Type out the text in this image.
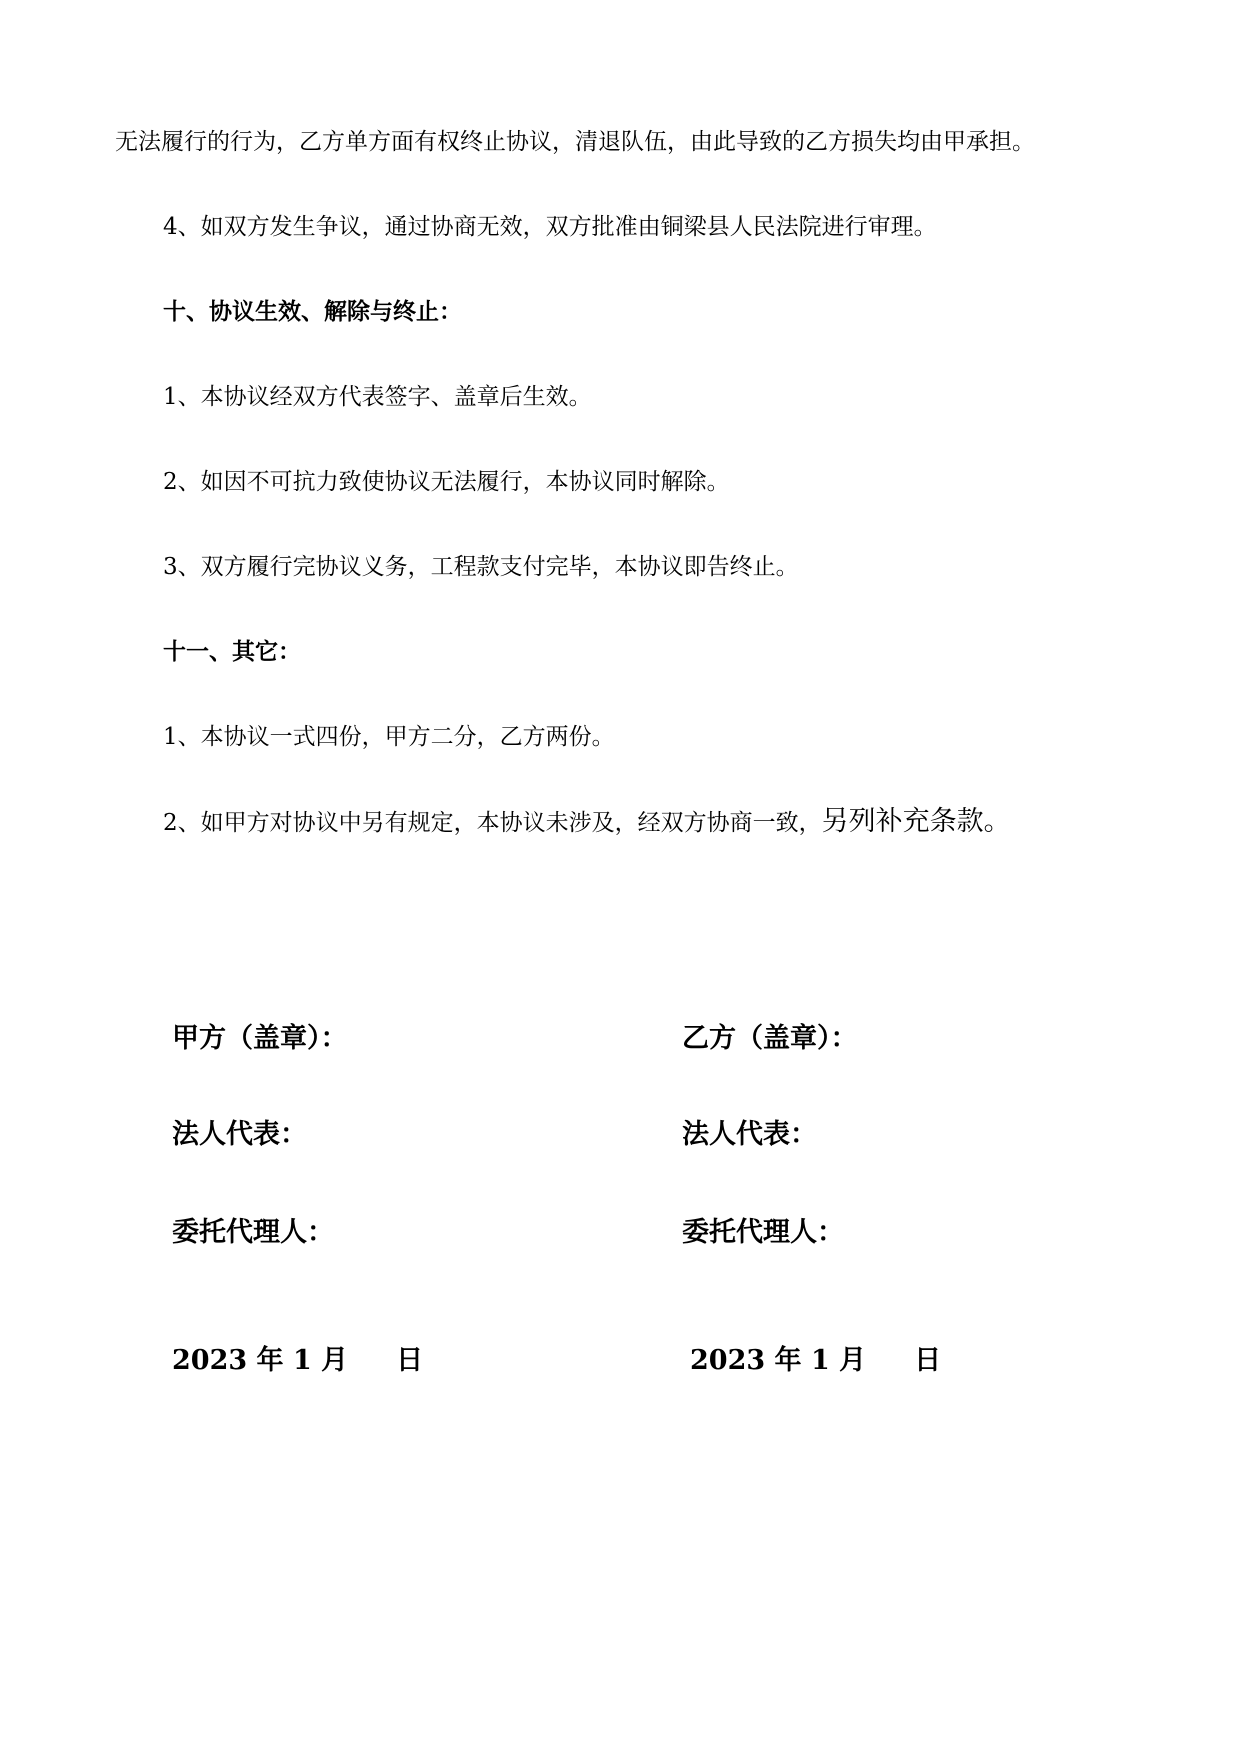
无法履行的行为，乙方单方面有权终止协议，清退队伍，由此导致的乙方损失均由甲承担。
4、如双方发生争议，通过协商无效，双方批准由铜梁县人民法院进行审理。
十、协议生效、解除与终止：
1、本协议经双方代表签字、盖章后生效。
2、如因不可抗力致使协议无法履行，本协议同时解除。
3、双方履行完协议义务，工程款支付完毕，本协议即告终止。
十一、其它：
1、本协议一式四份，甲方二分，乙方两份。
2、如甲方对协议中另有规定，本协议未涉及，经双方协商一致，另列补充条款。
甲方（盖章）：
法人代表：
委托代理人：
2023 年 1 月 日
乙方（盖章）：
法人代表：
委托代理人：
2023 年 1 月 日
